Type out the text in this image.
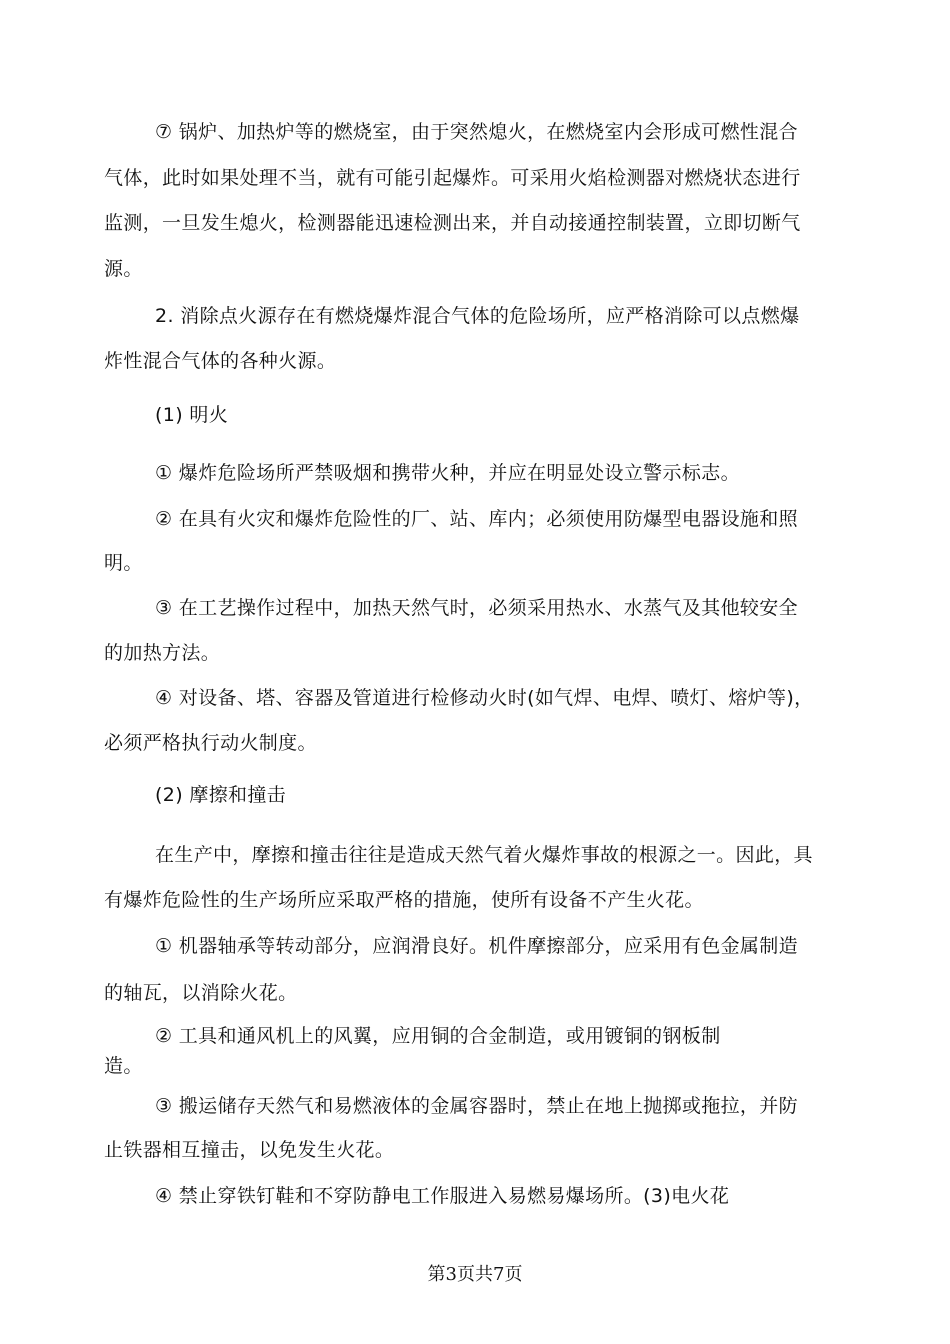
⑦ 锅炉、加热炉等的燃烧室，由于突然熄火，在燃烧室内会形成可燃性混合
气体，此时如果处理不当，就有可能引起爆炸。可采用火焰检测器对燃烧状态进行
监测，一旦发生熄火，检测器能迅速检测出来，并自动接通控制装置，立即切断气
源。
2. 消除点火源存在有燃烧爆炸混合气体的危险场所，应严格消除可以点燃爆
炸性混合气体的各种火源。
(1) 明火
① 爆炸危险场所严禁吸烟和携带火种，并应在明显处设立警示标志。
② 在具有火灾和爆炸危险性的厂、站、库内；必须使用防爆型电器设施和照
明。
③ 在工艺操作过程中，加热天然气时，必须采用热水、水蒸气及其他较安全
的加热方法。
④ 对设备、塔、容器及管道进行检修动火时(如气焊、电焊、喷灯、熔炉等)，
必须严格执行动火制度。
(2) 摩擦和撞击
在生产中，摩擦和撞击往往是造成天然气着火爆炸事故的根源之一。因此，具
有爆炸危险性的生产场所应采取严格的措施，使所有设备不产生火花。
① 机器轴承等转动部分，应润滑良好。机件摩擦部分，应采用有色金属制造
的轴瓦，以消除火花。
② 工具和通风机上的风翼，应用铜的合金制造，或用镀铜的钢板制
造。
③ 搬运储存天然气和易燃液体的金属容器时，禁止在地上抛掷或拖拉，并防
止铁器相互撞击，以免发生火花。
④ 禁止穿铁钉鞋和不穿防静电工作服进入易燃易爆场所。(3)电火花
第3页共7页
